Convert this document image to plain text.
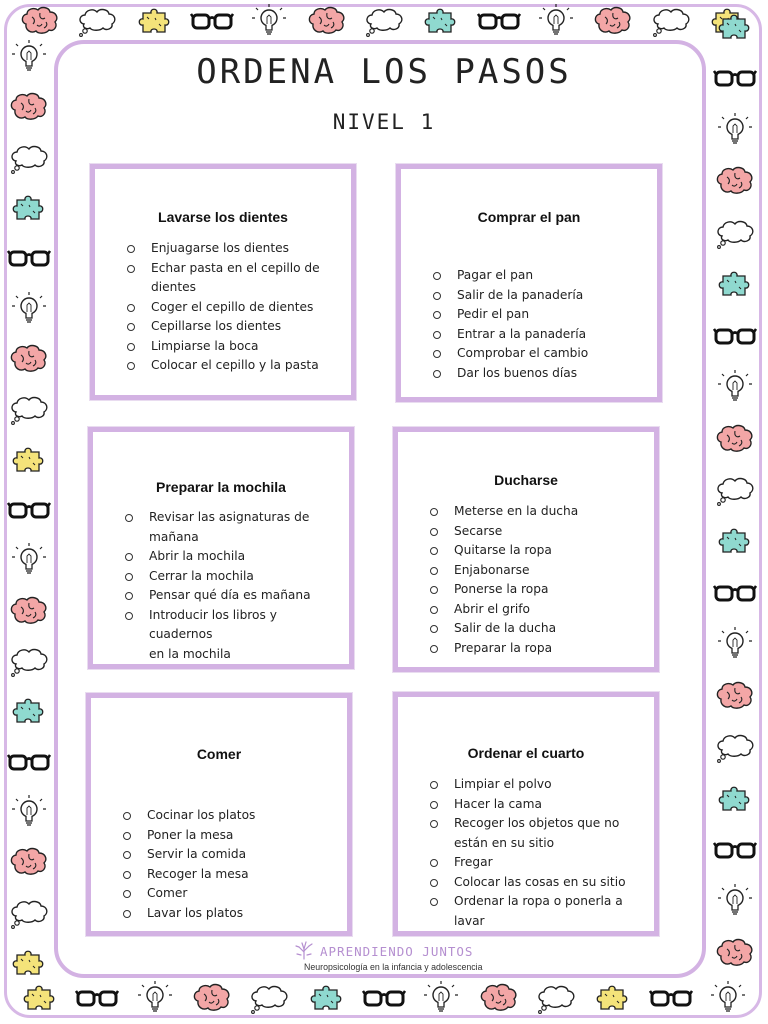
ORDENA LOS PASOS
NIVEL 1
Lavarse los dientes
Enjuagarse los dientes
Echar pasta en el cepillo de
dientes
Coger el cepillo de dientes
Cepillarse los dientes
Limpiarse la boca
Colocar el cepillo y la pasta
Comprar el pan
Pagar el pan
Salir de la panadería
Pedir el pan
Entrar a la panadería
Comprobar el cambio
Dar los buenos días
Preparar la mochila
Revisar las asignaturas de
mañana
Abrir la mochila
Cerrar la mochila
Pensar qué día es mañana
Introducir los libros y cuadernos
en la mochila
Ducharse
Meterse en la ducha
Secarse
Quitarse la ropa
Enjabonarse
Ponerse la ropa
Abrir el grifo
Salir de la ducha
Preparar la ropa
Comer
Cocinar los platos
Poner la mesa
Servir la comida
Recoger la mesa
Comer
Lavar los platos
Ordenar el cuarto
Limpiar el polvo
Hacer la cama
Recoger los objetos que no
están en su sitio
Fregar
Colocar las cosas en su sitio
Ordenar la ropa o ponerla a
lavar
APRENDIENDO JUNTOS
Neuropsicología en la infancia y adolescencia
